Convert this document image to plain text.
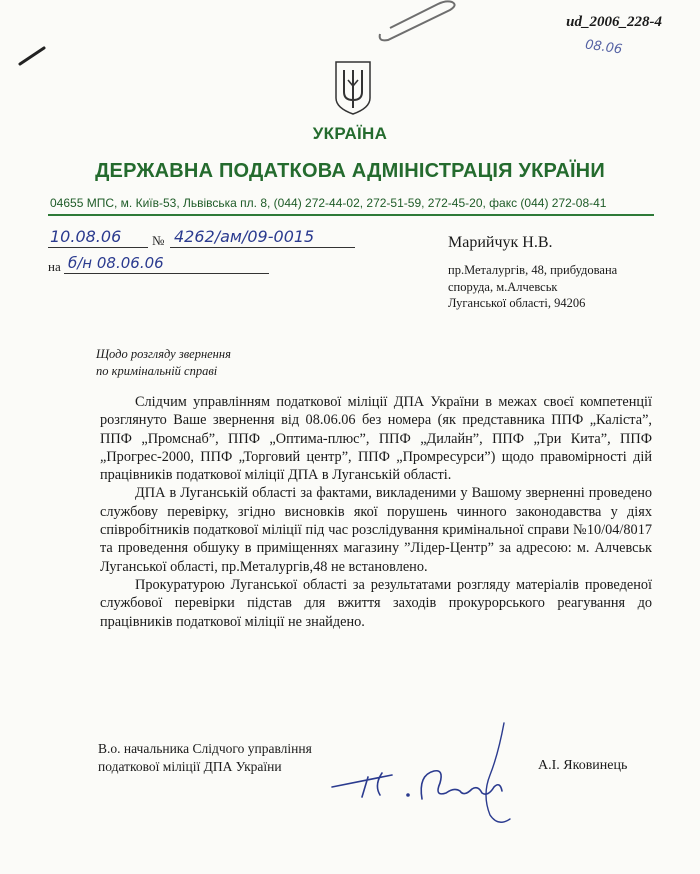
ud_2006_228-4
08.06
УКРАЇНА
ДЕРЖАВНА ПОДАТКОВА АДМІНІСТРАЦІЯ УКРАЇНИ
04655 МПС, м. Київ-53, Львівська пл. 8, (044) 272-44-02, 272-51-59, 272-45-20, факс (044) 272-08-41
10.08.06 № 4262/ам/09-0015
на б/н 08.06.06
Марийчук Н.В.
пр.Металургів, 48, прибудована
споруда, м.Алчевськ
Луганської області, 94206
Щодо розгляду звернення
по кримінальній справі

Слідчим управлінням податкової міліції ДПА України в межах своєї компетенції розглянуто Ваше звернення від 08.06.06 без номера (як представника ППФ „Каліста”, ППФ „Промснаб”, ППФ „Оптима-плюс”, ППФ „Дилайн”, ППФ „Три Кита”, ППФ „Прогрес-2000, ППФ „Торговий центр”, ППФ „Промресурси”) щодо правомірності дій працівників податкової міліції ДПА в Луганській області.

ДПА в Луганській області за фактами, викладеними у Вашому зверненні проведено службову перевірку, згідно висновків якої порушень чинного законодавства у діях співробітників податкової міліції під час розслідування кримінальної справи №10/04/8017 та проведення обшуку в приміщеннях магазину ”Лідер-Центр” за адресою: м. Алчевськ Луганської області, пр.Металургів,48 не встановлено.

Прокуратурою Луганської області за результатами розгляду матеріалів проведеної службової перевірки підстав для вжиття заходів прокурорського реагування до працівників податкової міліції не знайдено.

В.о. начальника Слідчого управління
податкової міліції ДПА України	А.І. Яковинець
